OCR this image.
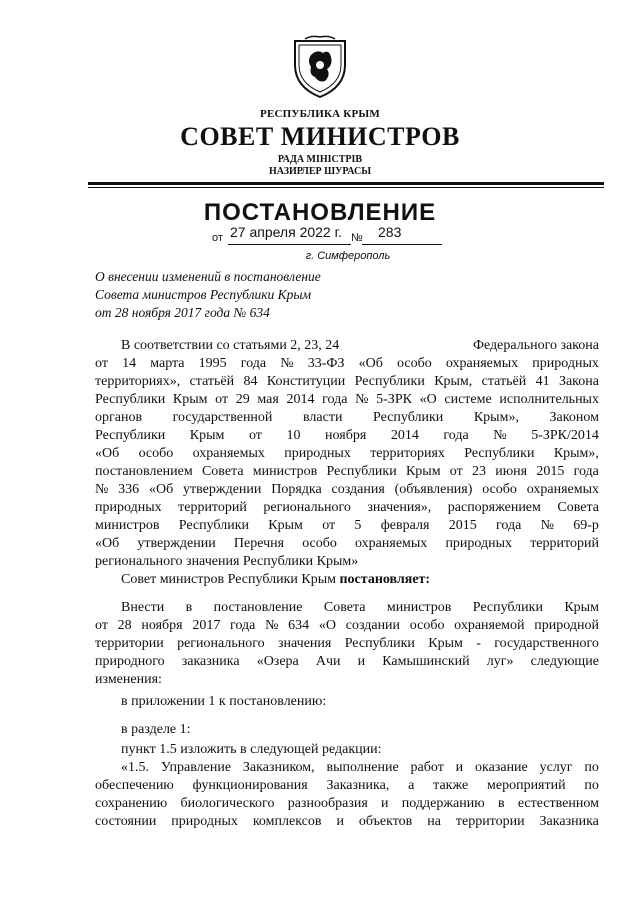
РЕСПУБЛИКА КРЫМ

СОВЕТ МИНИСТРОВ

РАДА МІНІСТРІВ

НАЗИРЛЕР ШУРАСЫ

ПОСТАНОВЛЕНИЕ

от 27 апреля 2022 г. № 283

г. Симферополь

О внесении изменений в постановление
Совета министров Республики Крым
от 28 ноября 2017 года № 634
В соответствии со статьями 2, 23, 24	Федерального закона
от 14 марта 1995 года № 33-ФЗ «Об особо охраняемых природных
территориях», статьёй 84 Конституции Республики Крым, статьёй 41 Закона
Республики Крым от 29 мая 2014 года № 5-ЗРК «О системе исполнительных
органов государственной власти Республики Крым», Законом
Республики Крым от 10 ноября 2014 года № 5-ЗРК/2014
«Об особо охраняемых природных территориях Республики Крым»,
постановлением Совета министров Республики Крым от 23 июня 2015 года
№ 336 «Об утверждении Порядка создания (объявления) особо охраняемых
природных территорий регионального значения», распоряжением Совета
министров Республики Крым от 5 февраля 2015 года № 69-р
«Об утверждении Перечня особо охраняемых природных территорий
регионального значения Республики Крым»
Совет министров Республики Крым
постановляет:
Внести в постановление Совета министров Республики Крым
от 28 ноября 2017 года № 634 «О создании особо охраняемой природной
территории регионального значения Республики Крым - государственного
природного заказника «Озера Ачи и Камышинский луг» следующие
изменения:
в приложении 1 к постановлению:
в разделе 1:
пункт 1.5 изложить в следующей редакции:
«1.5. Управление Заказником, выполнение работ и оказание услуг по
обеспечению функционирования Заказника, а также мероприятий по
сохранению биологического разнообразия и поддержанию в естественном
состоянии природных комплексов и объектов на территории Заказника
